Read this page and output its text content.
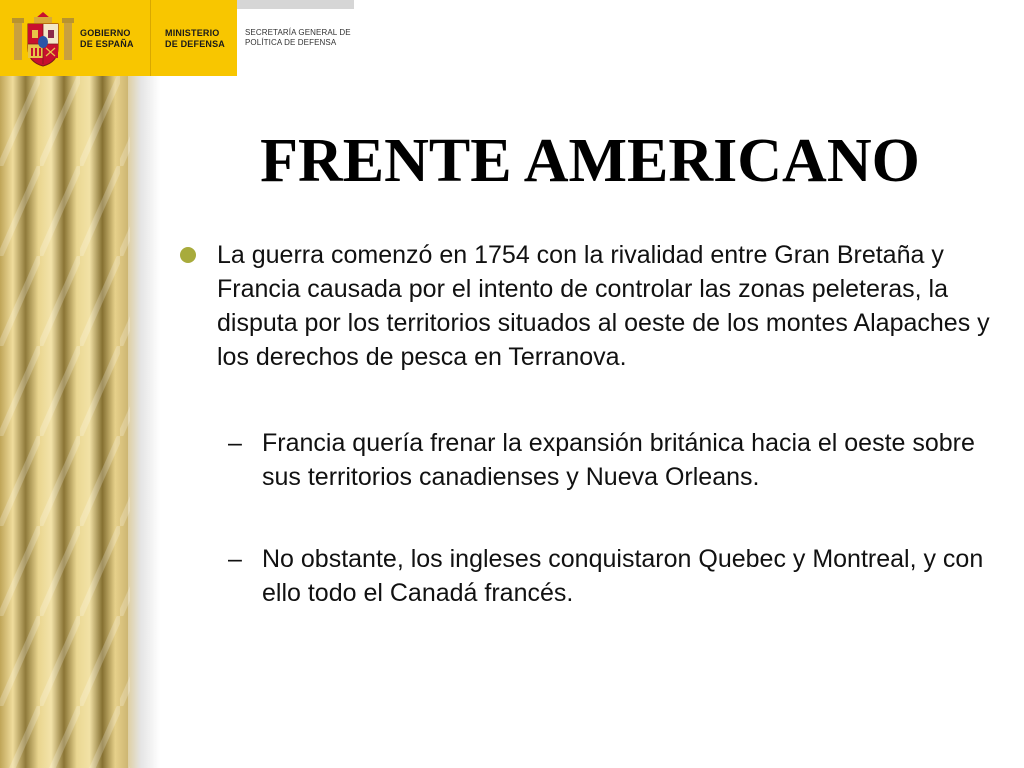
GOBIERNO
DE ESPAÑA
MINISTERIO
DE DEFENSA
SECRETARÍA GENERAL DE
POLÍTICA DE DEFENSA
FRENTE AMERICANO
La guerra comenzó en 1754 con la rivalidad entre Gran Bretaña y Francia causada por el intento de controlar las zonas peleteras, la disputa por los territorios situados al oeste de los montes Alapaches y los derechos de pesca en Terranova.
– Francia quería frenar la expansión británica hacia el oeste sobre sus territorios canadienses y Nueva Orleans.
– No obstante, los ingleses conquistaron Quebec y Montreal, y con ello todo el Canadá francés.
